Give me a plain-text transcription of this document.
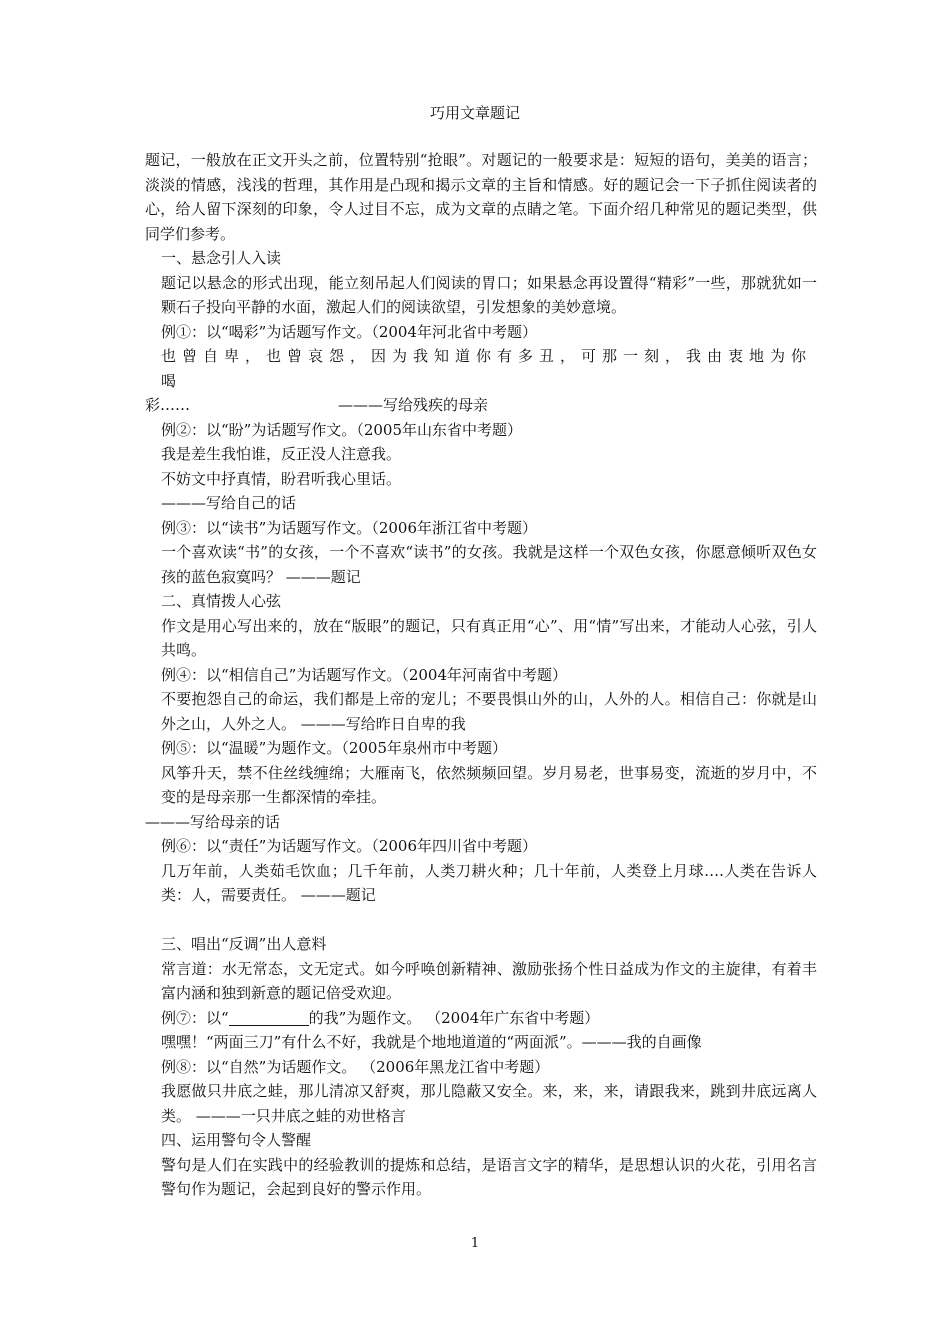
巧用文章题记

题记，一般放在正文开头之前，位置特别“抢眼”。对题记的一般要求是：短短的语句，美美的语言；淡淡的情感，浅浅的哲理，其作用是凸现和揭示文章的主旨和情感。好的题记会一下子抓住阅读者的心，给人留下深刻的印象，令人过目不忘，成为文章的点睛之笔。下面介绍几种常见的题记类型，供同学们参考。

一、悬念引人入读

题记以悬念的形式出现，能立刻吊起人们阅读的胃口；如果悬念再设置得“精彩”一些，那就犹如一颗石子投向平静的水面，激起人们的阅读欲望，引发想象的美妙意境。

例①：以“喝彩”为话题写作文。（2004年河北省中考题）

也曾自卑，也曾哀怨，因为我知道你有多丑，可那一刻，我由衷地为你喝

彩……	———写给残疾的母亲

例②：以“盼”为话题写作文。（2005年山东省中考题）

我是差生我怕谁，反正没人注意我。

不妨文中抒真情，盼君听我心里话。

———写给自己的话

例③：以“读书”为话题写作文。（2006年浙江省中考题）

一个喜欢读“书”的女孩，一个不喜欢“读书”的女孩。我就是这样一个双色女孩，你愿意倾听双色女孩的蓝色寂寞吗？ ———题记

二、真情拨人心弦

作文是用心写出来的，放在“版眼”的题记，只有真正用“心”、用“情”写出来，才能动人心弦，引人共鸣。

例④：以“相信自己”为话题写作文。（2004年河南省中考题）

不要抱怨自己的命运，我们都是上帝的宠儿；不要畏惧山外的山，人外的人。相信自己：你就是山外之山，人外之人。 ———写给昨日自卑的我

例⑤：以“温暖”为题作文。（2005年泉州市中考题）

风筝升天，禁不住丝线缠绵；大雁南飞，依然频频回望。岁月易老，世事易变，流逝的岁月中，不变的是母亲那一生都深情的牵挂。

———写给母亲的话

例⑥：以“责任”为话题写作文。（2006年四川省中考题）

几万年前，人类茹毛饮血；几千年前，人类刀耕火种；几十年前，人类登上月球….人类在告诉人类：人，需要责任。 ———题记

三、唱出“反调”出人意料

常言道：水无常态，文无定式。如今呼唤创新精神、激励张扬个性日益成为作文的主旋律，有着丰富内涵和独到新意的题记倍受欢迎。

例⑦：以“	的我”为题作文。 （2004年广东省中考题）

嘿嘿！“两面三刀”有什么不好，我就是个地地道道的“两面派”。———我的自画像

例⑧：以“自然”为话题作文。 （2006年黑龙江省中考题）

我愿做只井底之蛙，那儿清凉又舒爽，那儿隐蔽又安全。来，来，来，请跟我来，跳到井底远离人类。 ———一只井底之蛙的劝世格言

四、运用警句令人警醒

警句是人们在实践中的经验教训的提炼和总结，是语言文字的精华，是思想认识的火花，引用名言警句作为题记，会起到良好的警示作用。

1
